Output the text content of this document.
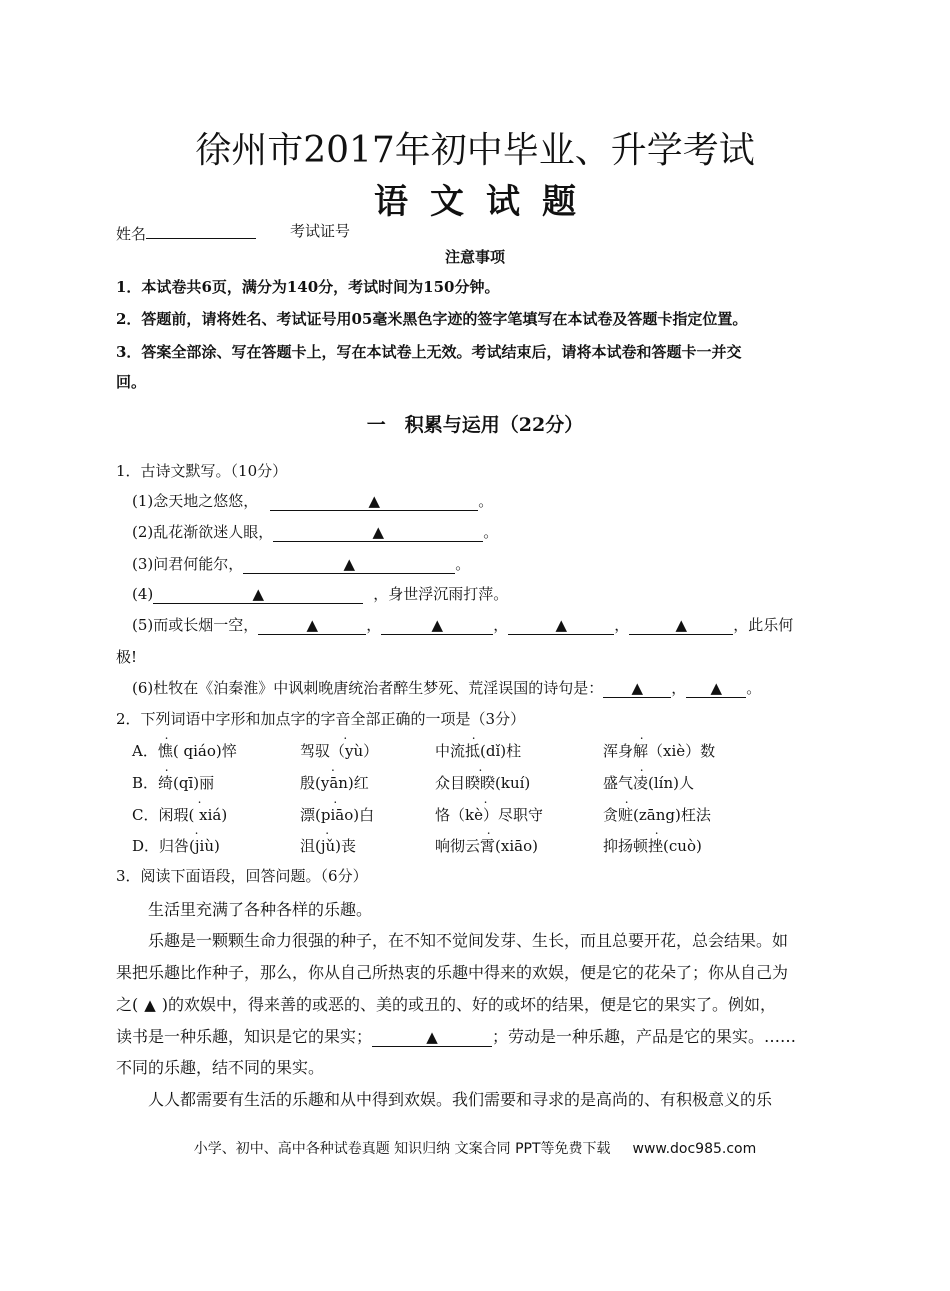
徐州市2017年初中毕业、升学考试
语文试题
姓名	考试证号
注意事项
1．本试卷共6页，满分为140分，考试时间为150分钟。
2．答题前，请将姓名、考试证号用05毫米黑色字迹的签字笔填写在本试卷及答题卡指定位置。
3．答案全部涂、写在答题卡上，写在本试卷上无效。考试结束后，请将本试卷和答题卡一并交
回。
一　积累与运用（22分）
1．古诗文默写。（10分）
(1)念天地之悠悠，	▲	。
(2)乱花渐欲迷人眼，	▲	。
(3)问君何能尔，	▲	。
(4)	▲	，身世浮沉雨打萍。
(5)而或长烟一空，	▲	，	▲	，	▲	，	▲	，此乐何
极!
(6)杜牧在《泊秦淮》中讽刺晚唐统治者醉生梦死、荒淫误国的诗句是： ▲ ， ▲ 。
2．下列词语中字形和加点字的字音全部正确的一项是（3分）
A．憔( qiáo)悴	驾驭（yù） .	中流抵(dǐ)柱	浑身解（xiè）数
B．绮(qī)丽	殷(yān)红 .	众目睽睽(kuí)	盛气凌(lín)人
C．闲瑕( xiá) .	漂(piāo)白 .	恪（kè）尽职守 .	贪赃(zāng)枉法
D．归咎(jiù) .	沮(jǔ)丧 .	响彻云霄(xiāo)	抑扬顿挫(cuò)
3．阅读下面语段，回答问题。（6分）
生活里充满了各种各样的乐趣。
乐趣是一颗颗生命力很强的种子，在不知不觉间发芽、生长，而且总要开花，总会结果。如
果把乐趣比作种子，那么，你从自己所热衷的乐趣中得来的欢娱，便是它的花朵了；你从自己为
之( ▲ )的欢娱中，得来善的或恶的、美的或丑的、好的或坏的结果，便是它的果实了。例如，
读书是一种乐趣，知识是它的果实；	▲	；劳动是一种乐趣，产品是它的果实。……
不同的乐趣，结不同的果实。
人人都需要有生活的乐趣和从中得到欢娱。我们需要和寻求的是高尚的、有积极意义的乐
小学、初中、高中各种试卷真题 知识归纳 文案合同 PPT等免费下载 www.doc985.com
